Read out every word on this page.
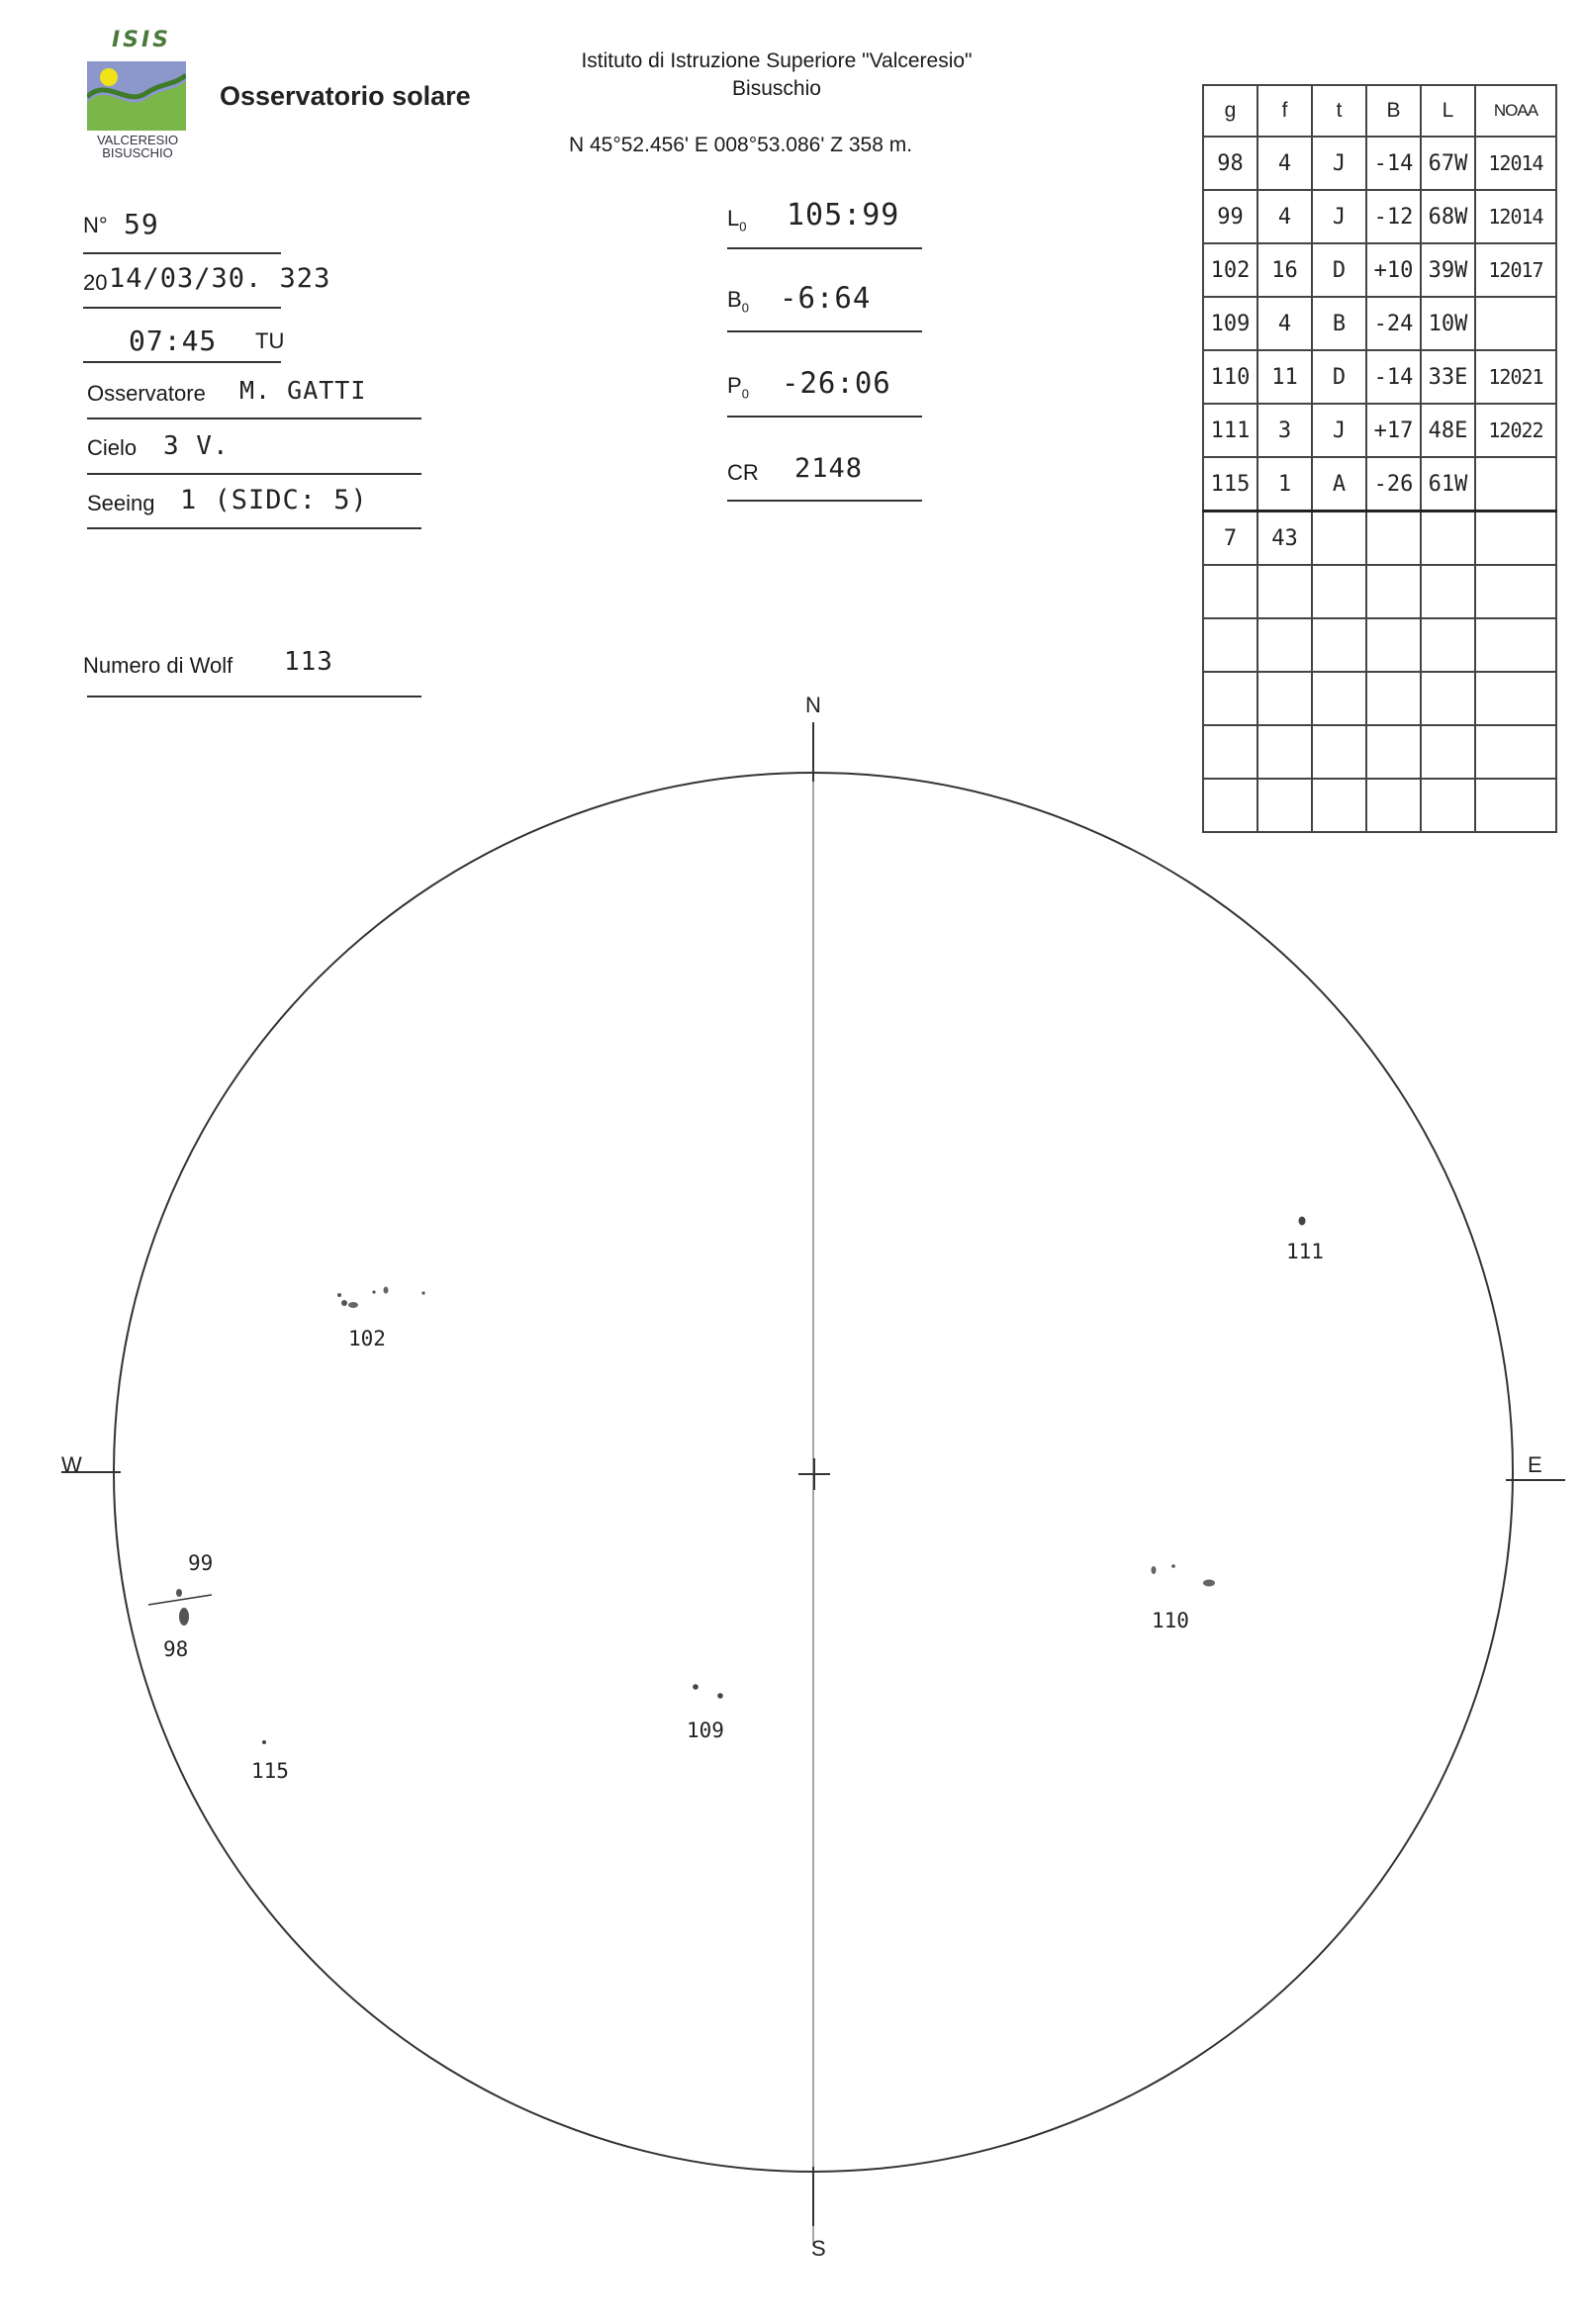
ISIS
VALCERESIO
BISUSCHIO
Osservatorio solare
Istituto di Istruzione Superiore "Valceresio"
Bisuschio
N 45°52.456' E 008°53.086' Z 358 m.
N° 59
20 14/03/30. 323
07:45 TU
Osservatore M. GATTI
Cielo 3 V.
Seeing 1 (SIDC: 5)
Numero di Wolf 113
$L_0$ 105:99
$B_0$ -6:64
$P_0$ -26:06
CR 2148
g	f	t	B	L	NOAA
98	4	J	-14	67W	12014
99	4	J	-12	68W	12014
102	16	D	+10	39W	12017
109	4	B	-24	10W	
110	11	D	-14	33E	12021
111	3	J	+17	48E	12022
115	1	A	-26	61W	
7	43				

N
S
E
W
111
102
99
98
110
109
115
